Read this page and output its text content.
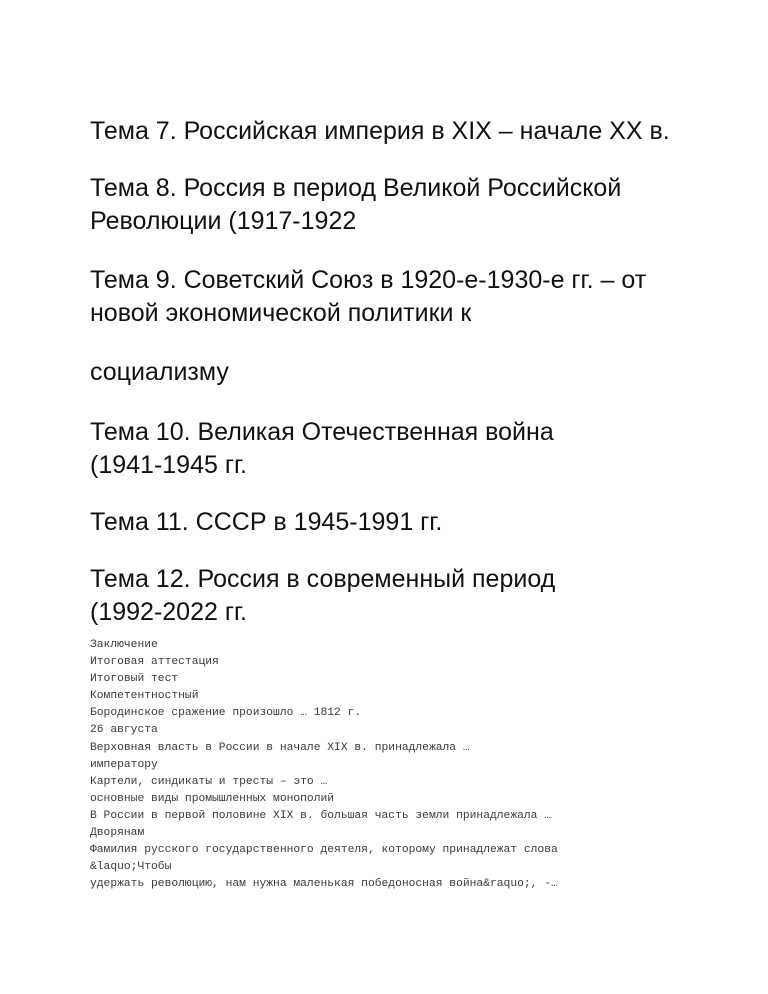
Тема 7. Российская империя в XIX – начале XX в.

Тема 8. Россия в период Великой Российской
Революции (1917-1922

Тема 9. Советский Союз в 1920-е-1930-е гг. – от
новой экономической политики к

социализму

Тема 10. Великая Отечественная война
(1941-1945 гг.

Тема 11. СССР в 1945-1991 гг.

Тема 12. Россия в современный период
(1992-2022 гг.

Заключение
Итоговая аттестация
Итоговый тест
Компетентностный
Бородинское сражение произошло … 1812 г.
26 августа
Верховная власть в России в начале XIX в. принадлежала …
императору
Картели, синдикаты и тресты – это …
основные виды промышленных монополий
В России в первой половине XIX в. большая часть земли принадлежала …
Дворянам
Фамилия русского государственного деятеля, которому принадлежат слова
&laquo;Чтобы
удержать революцию, нам нужна маленькая победоносная война&raquo;, -…
